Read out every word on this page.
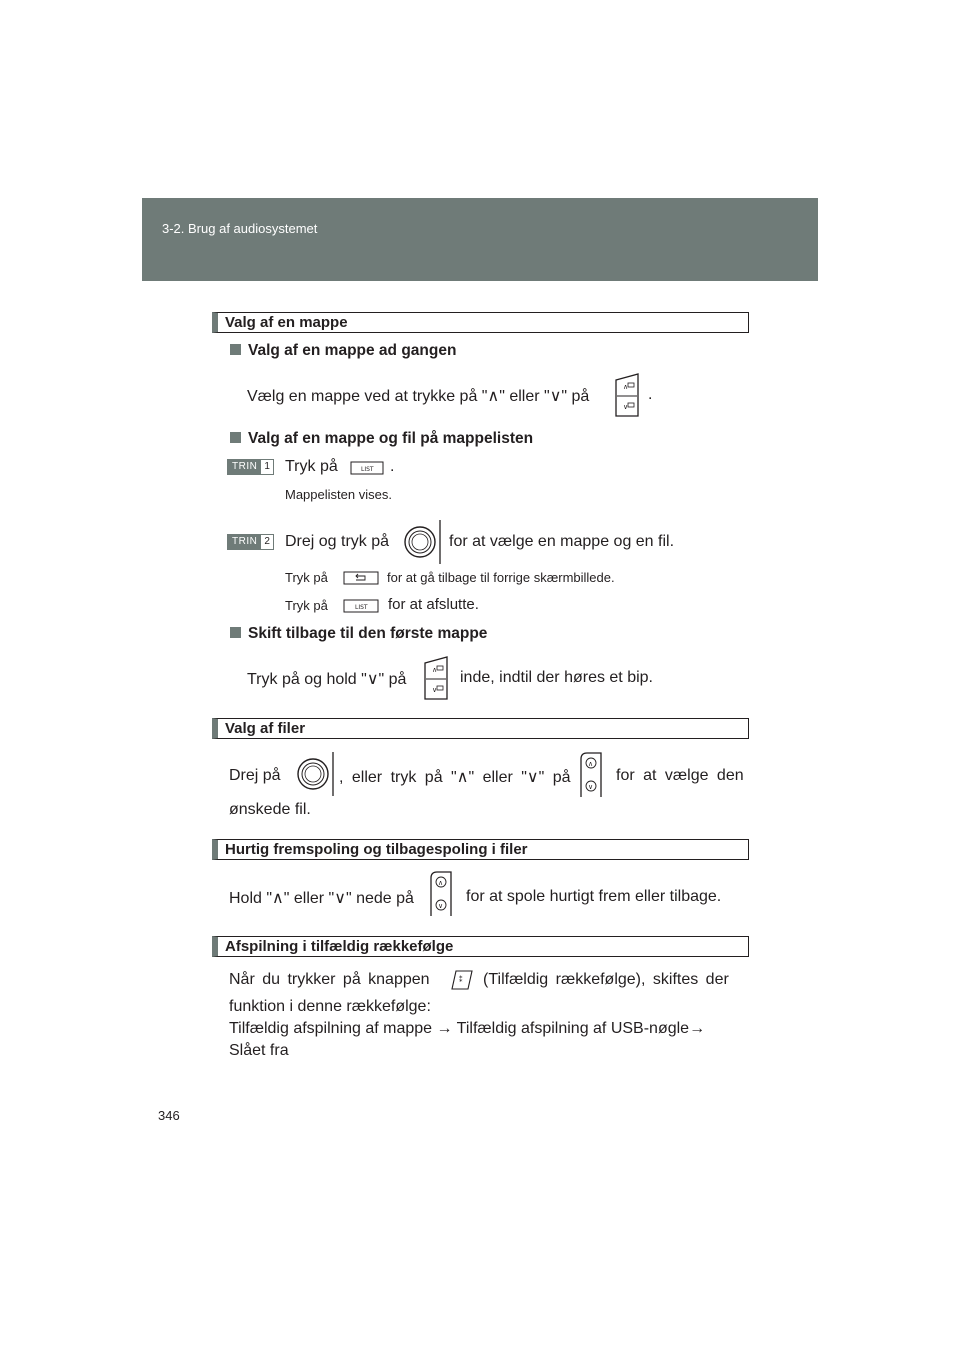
3-2. Brug af audiosystemet
Valg af en mappe
Valg af en mappe ad gangen
Vælg en mappe ved at trykke på "∧" eller "∨" på
∧
∨
.
Valg af en mappe og fil på mappelisten
TRIN 1 Tryk på	LIST .
Mappelisten vises.
TRIN 2 Drej og tryk på	for at vælge en mappe og en fil.
Tryk på	for at gå tilbage til forrige skærmbillede.
Tryk på	LIST for at afslutte.
Skift tilbage til den første mappe
Tryk på og hold "∨" på
∧
∨
inde, indtil der høres et bip.
Valg af filer
Drej på	, eller tryk på "∧" eller "∨" på
∧
∨
for at vælge den
ønskede fil.
Hurtig fremspoling og tilbagespoling i filer
Hold "∧" eller "∨" nede på
∧
∨
for at spole hurtigt frem eller tilbage.
Afspilning i tilfældig rækkefølge
Når du trykker på knappen	⁑ (Tilfældig rækkefølge), skiftes der
funktion i denne rækkefølge:
Tilfældig afspilning af mappe → Tilfældig afspilning af USB-nøgle→
Slået fra
346
